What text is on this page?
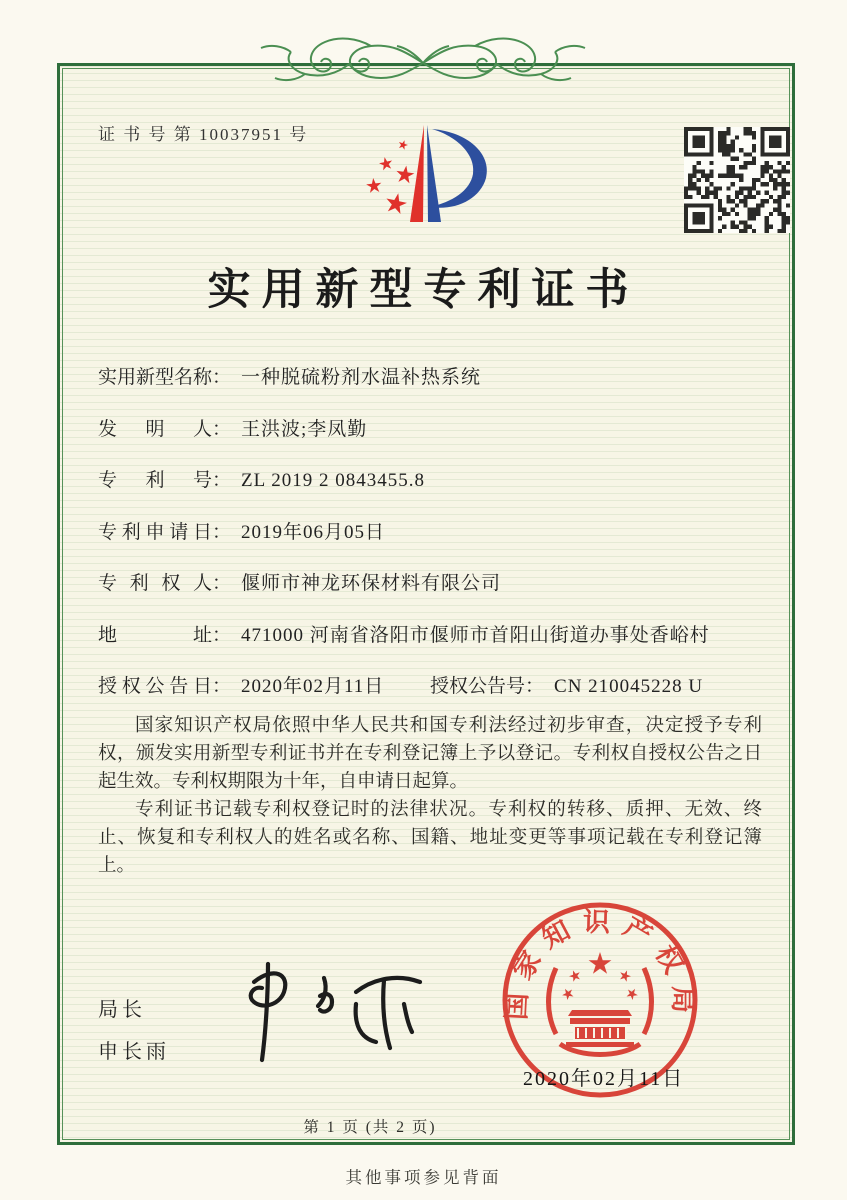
证 书 号 第 10037951 号
实用新型专利证书
实用新型名称： 一种脱硫粉剂水温补热系统
发明人： 王洪波;李凤勤
专利号： ZL 2019 2 0843455.8
专利申请日： 2019年06月05日
专利权人： 偃师市神龙环保材料有限公司
地址： 471000 河南省洛阳市偃师市首阳山街道办事处香峪村
授权公告日： 2020年02月11日 授权公告号： CN 210045228 U

国家知识产权局依照中华人民共和国专利法经过初步审查，决定授予专利权，颁发实用新型专利证书并在专利登记簿上予以登记。专利权自授权公告之日起生效。专利权期限为十年，自申请日起算。

专利证书记载专利权登记时的法律状况。专利权的转移、质押、无效、终止、恢复和专利权人的姓名或名称、国籍、地址变更等事项记载在专利登记簿上。

局长
申长雨
国家知识产权局
2020年02月11日
第 1 页 (共 2 页)
其他事项参见背面
